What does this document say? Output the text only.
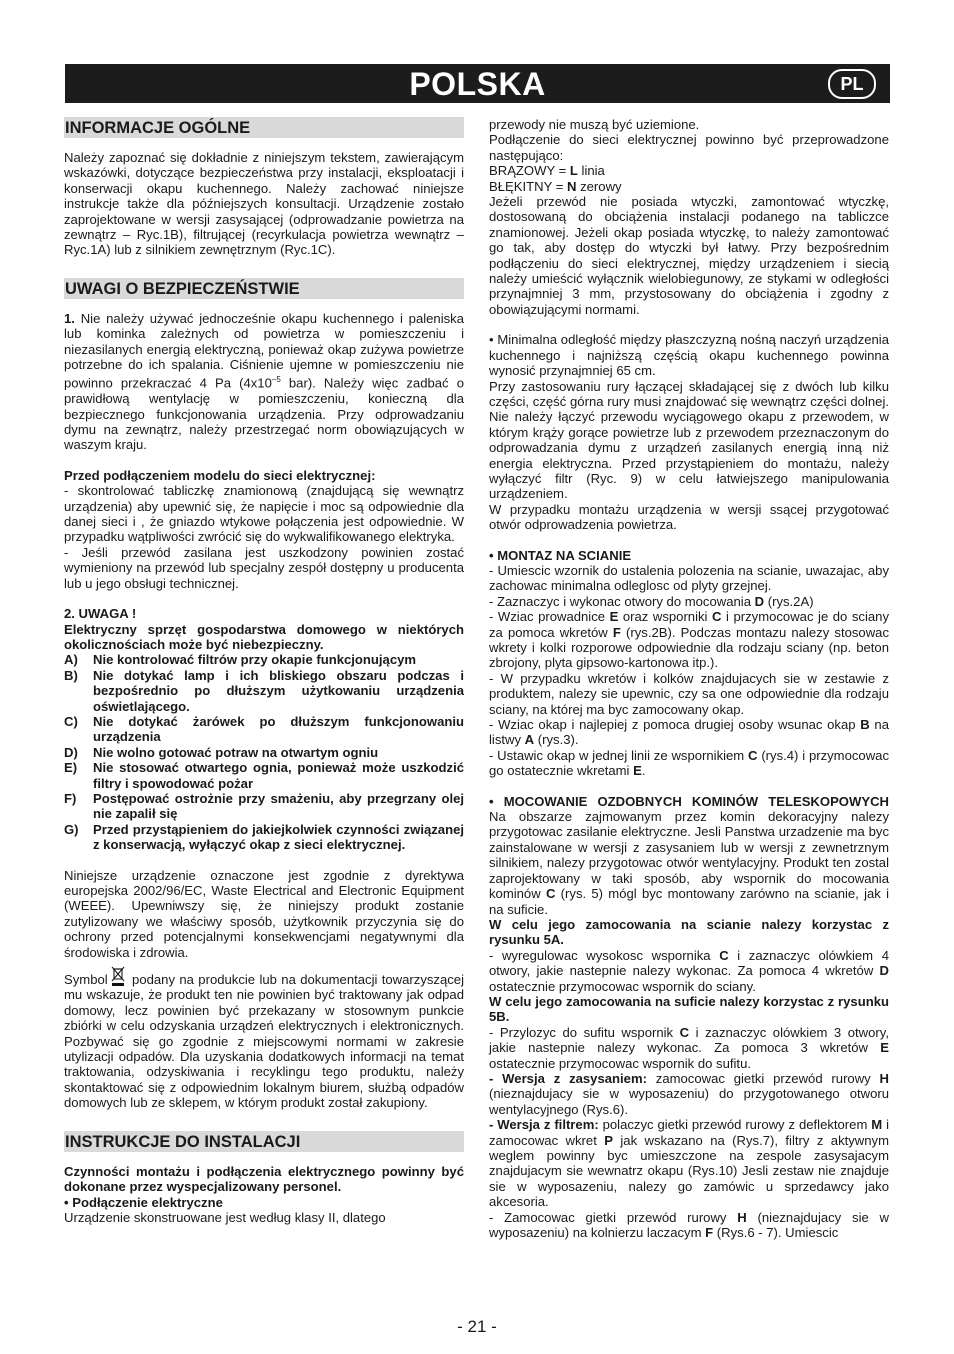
POLSKA	PL
INFORMACJE OGÓLNE

Należy zapoznać się dokładnie z niniejszym tekstem, zawierającym wskazówki, dotyczące bezpieczeństwa przy instalacji, eksploatacji i konserwacji okapu kuchennego. Należy zachować niniejsze instrukcje także dla późniejszych konsultacji. Urządzenie zostało zaprojektowane w wersji zasysającej (odprowadzanie powietrza na zewnątrz – Ryc.1B), filtrującej (recyrkulacja powietrza wewnątrz – Ryc.1A) lub z silnikiem zewnętrznym (Ryc.1C).

UWAGI O BEZPIECZEŃSTWIE

1. Nie należy używać jednocześnie okapu kuchennego i paleniska lub kominka zależnych od powietrza w pomieszczeniu i niezasilanych energią elektryczną, ponieważ okap zużywa powietrze potrzebne do ich spalania. Ciśnienie ujemne w pomieszczeniu nie powinno przekraczać 4 Pa ($4x10^{-5}$ bar). Należy więc zadbać o prawidłową wentylację w pomieszczeniu, konieczną dla bezpiecznego funkcjonowania urządzenia. Przy odprowadzaniu dymu na zewnątrz, należy przestrzegać norm obowiązujących w waszym kraju.

Przed podłączeniem modelu do sieci elektrycznej:

- skontrolować tabliczkę znamionową (znajdującą się wewnątrz urządzenia) aby upewnić się, że napięcie i moc są odpowiednie dla danej sieci i , że gniazdo wtykowe połączenia jest odpowiednie. W przypadku wątpliwości zwrócić się do wykwalifikowanego elektryka.

- Jeśli przewód zasilana jest uszkodzony powinien zostać wymieniony na przewód lub specjalny zespół dostępny u producenta lub u jego obsługi technicznej.

2. UWAGA !

Elektryczny sprzęt gospodarstwa domowego w niektórych okolicznościach może być niebezpieczny.

A)	Nie kontrolować filtrów przy okapie funkcjonującym
B)	Nie dotykać lamp i ich bliskiego obszaru podczas i bezpośrednio po dłuższym użytkowaniu urządzenia oświetlającego.
C)	Nie dotykać żarówek po dłuższym funkcjonowaniu urządzenia
D)	Nie wolno gotować potraw na otwartym ogniu
E)	Nie stosować otwartego ognia, ponieważ może uszkodzić filtry i spowodować pożar
F)	Postępować ostrożnie przy smażeniu, aby przegrzany olej nie zapalił się
G)	Przed przystąpieniem do jakiejkolwiek czynności związanej z konserwacją, wyłączyć okap z sieci elektrycznej.

Niniejsze urządzenie oznaczone jest zgodnie z dyrektywa europejska 2002/96/EC, Waste Electrical and Electronic Equipment (WEEE). Upewniwszy się, że niniejszy produkt zostanie zutylizowany we właściwy sposób, użytkownik przyczynia się do ochrony przed potencjalnymi konsekwencjami negatywnymi dla środowiska i zdrowia.

Symbol podany na produkcie lub na dokumentacji towarzyszącej mu wskazuje, że produkt ten nie powinien być traktowany jak odpad domowy, lecz powinien być przekazany w stosownym punkcie zbiórki w celu odzyskania urządzeń elektrycznych i elektronicznych. Pozbywać się go zgodnie z miejscowymi normami w zakresie utylizacji odpadów. Dla uzyskania dodatkowych informacji na temat traktowania, odzyskiwania i recyklingu tego produktu, należy skontaktować się z odpowiednim lokalnym biurem, służbą odpadów domowych lub ze sklepem, w którym produkt został zakupiony.

INSTRUKCJE DO INSTALACJI

Czynności montażu i podłączenia elektrycznego powinny być dokonane przez wyspecjalizowany personel.

• Podłączenie elektryczne

Urządzenie skonstruowane jest według klasy II, dlatego

przewody nie muszą być uziemione.

Podłączenie do sieci elektrycznej powinno być przeprowadzone następująco:

BRĄZOWY = L linia

BŁĘKITNY = N zerowy

Jeżeli przewód nie posiada wtyczki, zamontować wtyczkę, dostosowaną do obciążenia instalacji podanego na tabliczce znamionowej. Jeżeli okap posiada wtyczkę, to należy zamontować go tak, aby dostęp do wtyczki był łatwy. Przy bezpośrednim podłączeniu do sieci elektrycznej, między urządzeniem i siecią należy umieścić wyłącznik wielobiegunowy, ze stykami w odległości przynajmniej 3 mm, przystosowany do obciążenia i zgodny z obowiązującymi normami.

• Minimalna odległość między płaszczyzną nośną naczyń urządzenia kuchennego i najniższą częścią okapu kuchennego powinna wynosić przynajmniej 65 cm.

Przy zastosowaniu rury łączącej składającej się z dwóch lub kilku części, część górna rury musi znajdować się wewnątrz części dolnej. Nie należy łączyć przewodu wyciągowego okapu z przewodem, w którym krąży gorące powietrze lub z przewodem przeznaczonym do odprowadzania dymu z urządzeń zasilanych energią inną niż energia elektryczna. Przed przystąpieniem do montażu, należy wyłączyć filtr (Ryc. 9) w celu łatwiejszego manipulowania urządzeniem.

W przypadku montażu urządzenia w wersji ssącej przygotować otwór odprowadzenia powietrza.

• MONTAZ NA SCIANIE

- Umiescic wzornik do ustalenia polozenia na scianie, uwazajac, aby zachowac minimalna odleglosc od plyty grzejnej.

- Zaznaczyc i wykonac otwory do mocowania D (rys.2A)

- Wziac prowadnice E oraz wsporniki C i przymocowac je do sciany za pomoca wkretów F (rys.2B). Podczas montazu nalezy stosowac wkrety i kolki rozporowe odpowiednie dla rodzaju sciany (np. beton zbrojony, plyta gipsowo-kartonowa itp.).

- W przypadku wkretów i kolków znajdujacych sie w zestawie z produktem, nalezy sie upewnic, czy sa one odpowiednie dla rodzaju sciany, na której ma byc zamocowany okap.

- Wziac okap i najlepiej z pomoca drugiej osoby wsunac okap B na listwy A (rys.3).

- Ustawic okap w jednej linii ze wspornikiem C (rys.4) i przymocowac go ostatecznie wkretami E.

• MOCOWANIE OZDOBNYCH KOMINÓW TELESKOPOWYCH

Na obszarze zajmowanym przez komin dekoracyjny nalezy przygotowac zasilanie elektryczne. Jesli Panstwa urzadzenie ma byc zainstalowane w wersji z zasysaniem lub w wersji z zewnetrznym silnikiem, nalezy przygotowac otwór wentylacyjny. Produkt ten zostal zaprojektowany w taki sposób, aby wspornik do mocowania kominów C (rys. 5) mógl byc montowany zarówno na scianie, jak i na suficie.

W celu jego zamocowania na scianie nalezy korzystac z rysunku 5A.

- wyregulowac wysokosc wspornika C i zaznaczyc olówkiem 4 otwory, jakie nastepnie nalezy wykonac. Za pomoca 4 wkretów D ostatecznie przymocowac wspornik do sciany.

W celu jego zamocowania na suficie nalezy korzystac z rysunku 5B.

- Przylozyc do sufitu wspornik C i zaznaczyc olówkiem 3 otwory, jakie nastepnie nalezy wykonac. Za pomoca 3 wkretów E ostatecznie przymocowac wspornik do sufitu.

- Wersja z zasysaniem: zamocowac gietki przewód rurowy H (nieznajdujacy sie w wyposazeniu) do przygotowanego otworu wentylacyjnego (Rys.6).

- Wersja z filtrem: polaczyc gietki przewód rurowy z deflektorem M i zamocowac wkret P jak wskazano na (Rys.7), filtry z aktywnym weglem powinny byc umieszczone na zespole zasysajacym znajdujacym sie wewnatrz okapu (Rys.10) Jesli zestaw nie znajduje sie w wyposazeniu, nalezy go zamówic u sprzedawcy jako akcesoria.

- Zamocowac gietki przewód rurowy H (nieznajdujacy sie w wyposazeniu) na kolnierzu laczacym F (Rys.6 - 7). Umiescic

- 21 -
